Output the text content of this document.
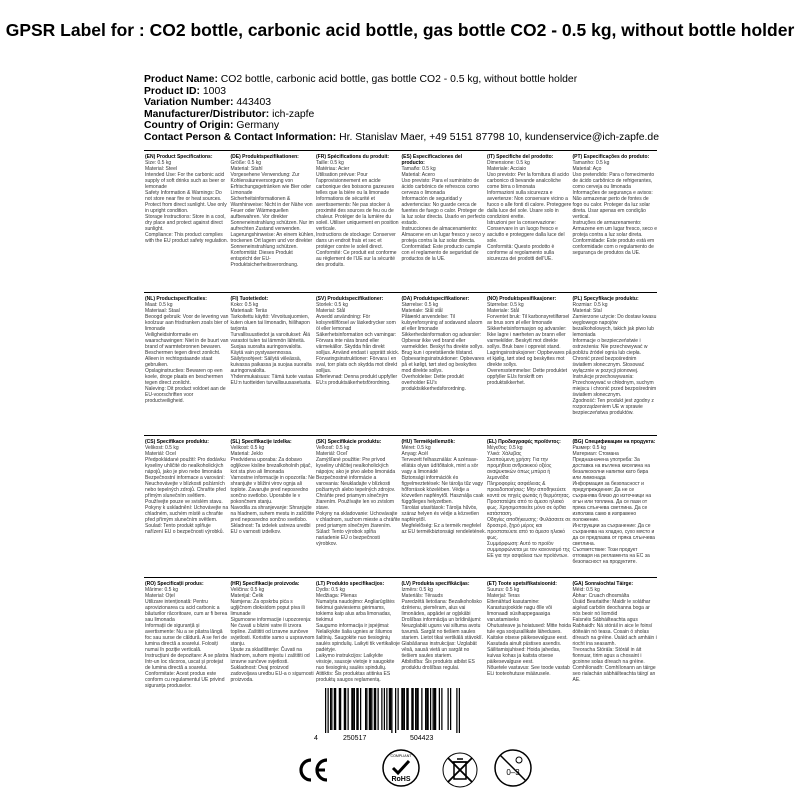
GPSR Label for : CO2 bottle, carbonic acid bottle, gas bottle CO2 - 0.5 kg, without bottle holder
Product Name: CO2 bottle, carbonic acid bottle, gas bottle CO2 - 0.5 kg, without bottle holder
Product ID: 1003
Variation Number: 443403
Manufacturer/Distributor: ich-zapfe
Country of Origin: Germany
Contact Person & Contact Information: Hr. Stanislav Maer, +49 5151 87798 10, kundenservice@ich-zapfe.de
(EN) Product Specifications:
Size: 0.5 kg
Material: Steel
Intended Use: For the carbonic acid supply of soft drinks such as beer or lemonade
Safety Information & Warnings: Do not store near fire or heat sources. Protect from direct sunlight. Use only in upright condition.
Storage Instructions: Store in a cool, dry place and protect against direct sunlight.
Compliance: This product complies with the EU product safety regulation.
(DE) Produktspezifikationen:
Größe: 0.5 kg
Material: Stahl
Vorgesehene Verwendung: Zur Kohlensäureversorgung von Erfrischungsgetränken wie Bier oder Limonade
Sicherheitsinformationen & Warnhinweise: Nicht in der Nähe von Feuer oder Wärmequellen aufbewahren. Vor direkter Sonneneinstrahlung schützen. Nur im aufrechten Zustand verwenden.
Lagerungshinweise: An einem kühlen, trockenen Ort lagern und vor direkter Sonneneinstrahlung schützen.
Konformität: Dieses Produkt entspricht der EU-Produktsicherheitsverordnung.
(FR) Spécifications du produit:
Taille: 0.5 kg
Matériau: Acier
Utilisation prévue: Pour l'approvisionnement en acide carbonique des boissons gazeuses telles que la bière ou la limonade
Informations de sécurité et avertissements: Ne pas stocker à proximité des sources de feu ou de chaleur. Protéger de la lumière du soleil. Utiliser uniquement en position verticale.
Instructions de stockage: Conserver dans un endroit frais et sec et protéger contre le soleil direct.
Conformité: Ce produit est conforme au règlement de l'UE sur la sécurité des produits.
(ES) Especificaciones del producto:
Tamaño: 0.5 kg
Material: Acero
Uso previsto: Para el suministro de ácido carbónico de refrescos como cerveza o limonada
Información de seguridad y advertencias: No guarde cerca de fuentes de fuego o calor. Proteger de la luz solar directa. Usarlo en perfecto estado.
Instrucciones de almacenamiento: Almacene en un lugar fresco y seco y proteja contra la luz solar directa.
Conformidad: Este producto cumple con el reglamento de seguridad de productos de la UE.
(IT) Specifiche del prodotto:
Dimensione: 0.5 kg
Materiale: Acciaio
Uso previsto: Per la fornitura di acido carbonico di bevande analcoliche come birra o limonata
Informazioni sulla sicurezza e avvertenze: Non conservare vicino a fuoco o alle fonti di calore. Proteggere dalla luce del sole. Usare solo in condizioni erette.
Istruzioni per la conservazione: Conservare in un luogo fresco e asciutto e proteggere dalla luce del sole.
Conformità: Questo prodotto è conforme al regolamento sulla sicurezza dei prodotti dell'UE.
(PT) Especificações do produto:
Tamanho: 0.5 kg
Material: Aço
Uso pretendido: Para o fornecimento de ácido carbônico de refrigerantes, como cerveja ou limonada
Informações de segurança e avisos: Não armazenar perto de fontes de fogo ou calor. Proteger da luz solar direta. Usar apenas em condição vertical.
Instruções de armazenamento: Armazene em um lugar fresco, seco e proteja contra a luz solar direta.
Conformidade: Este produto está em conformidade com o regulamento de segurança de produtos da UE.
(NL) Productspecificaties:
Maat: 0.5 kg
Materiaal: Staal
Beoogd gebruik: Voor de levering van koolzuur aan frisdranken zoals bier of limonade
Veiligheidsinformatie en waarschuwingen: Niet in de buurt van brand of warmtebronnen bewaren. Beschermen tegen direct zonlicht. Alleen in rechtopstaande staat gebruiken.
Opslaginstructies: Bewaren op een koele, droge plaats en beschermen tegen direct zonlicht.
Naleving: Dit product voldoet aan de EU-voorschriften voor productveiligheid.
(FI) Tuotetiedot:
Koko: 0.5 kg
Materiaali: Teräs
Tarkoitettu käyttö: Virvoitusjuomien, kuten oluen tai limonadin, hiilihapon tarjonta
Turvallisuustiedot ja varoitukset: Älä varastoi tulen tai lämmön lähteitä. Suojaa suoralta auringonvalolta. Käytä vain pystyasennossa.
Säilytysohjeet: Säilytä viileässä, kuivassa paikassa ja suojaa suoralta auringonvalolta.
Yhdenmukaisuus: Tämä tuote vastaa EU:n tuotteiden turvallisuusasetusta.
(SV) Produktspecifikationer:
Storlek: 0.5 kg
Material: Stål
Avsedd användning: För kolsyretillförsel av läskedrycker som öl eller lemonad
Säkerhetsinformation och varningar: Förvara inte nära brand eller värmekällor. Skydda från direkt solljus. Använd endast i upprätt skick.
Förvaringsinstruktioner: Förvara i en sval, torr plats och skydda mot direkt solljus.
Efterlevnad: Denna produkt uppfyller EU:s produktsäkerhetsförordning.
(DA) Produktspecifikationer:
Størrelse: 0.5 kg
Materiale: Stål stål
Påtænkt anvendelse: Til kulsyreforsyning af sodavand såsom øl eller limonade
Sikkerhedsinformation og advarsler: Opbevar ikke ved brand eller varmekilder. Beskyt fra direkte sollys. Brug kun i opretstående tilstand.
Opbevaringsinstruktioner: Opbevares på et køligt, tørt sted og beskyttes mod direkte sollys.
Overholdelse: Dette produkt overholder EU's produktsikkerhedsforordning.
(NO) Produktspesifikasjoner:
Størrelse: 0.5 kg
Materiale: Stål
Forventet bruk: Til karbonsyretilførsel av brus som øl eller limonade
Sikkerhetsinformasjon og advarsler: Ikke lagre i nærheten av brann eller varmekilder. Beskytt mot direkte sollys. Bruk bare i oppreist stand.
Lagringsinstruksjoner: Oppbevares på et kjølig, tørt sted og beskyttes mot direkte sollys.
Overensstemmelse: Dette produktet oppfyller EUs forskrift om produktsikkerhet.
(PL) Specyfikacje produktu:
Rozmiar: 0.5 kg
Materiał: Stal
Zamierzone użycie: Do dostaw kwasu węglowego napojów bezalkoholowych, takich jak piwo lub lemoniada
Informacje o bezpieczeństwie i ostrzeżenia: Nie przechowywać w pobliżu źródeł ognia lub ciepła. Chronić przed bezpośrednim światłem słonecznym. Stosować wyłącznie w pozycji pionowej.
Instrukcje przechowywania: Przechowywać w chłodnym, suchym miejscu i chronić przed bezpośrednim światłem słonecznym.
Zgodność: Ten produkt jest zgodny z rozporządzeniem UE w sprawie bezpieczeństwa produktów.
(CS) Specifikace produktu:
Velikost: 0.5 kg
Materiál: Ocel
Předpokládané použití: Pro dodávku kyseliny uhličité do nealkoholických nápojů, jako je pivo nebo limonáda
Bezpečnostní informace a varování: Neuchovávejte v blízkosti požárních nebo tepelných zdrojů. Chraňte před přímým slunečním světlem. Používejte pouze ve svislém stavu.
Pokyny k uskladnění: Uchovávejte na chladném, suchém místě a chraňte před přímým slunečním světlem.
Soulad: Tento produkt splňuje nařízení EU o bezpečnosti výrobků.
(SL) Specifikacije izdelka:
Velikost: 0.5 kg
Material: Jeklo
Predvidena uporaba: Za dobavo ogljikove kisline brezalkoholnih pijač, kot sta pivo ali limonada
Varnostne informacije in opozorila: Ne shranjujte v bližini virov ognja ali toplote. Zavarujte pred neposredno sončno svetlobo. Uporabite le v pokončnem stanju.
Navodila za shranjevanje: Shranjujte na hladnem, suhem mestu in zaščitite pred neposredno sončno svetlobo.
Skladnost: Ta izdelek ustreza uredbi EU o varnosti izdelkov.
(SK) Špecifikácie produktu:
Veľkosť: 0.5 kg
Materiál: Oceľ
Zamýšľané použitie: Pre prívod kyseliny uhličitej nealkoholických nápojov, ako je pivo alebo limonáda
Bezpečnostné informácie a varovania: Neukladajte v blízkosti požiarnych alebo tepelných zdrojov. Chráňte pred priamym slnečným žiarením. Používajte len vo zvislom stave.
Pokyny na skladovanie: Uchovávajte v chladnom, suchom mieste a chráňte pred priamym slnečným žiarením.
Súlad: Tento výrobok spĺňa nariadenie EÚ o bezpečnosti výrobkov.
(HU) Termékjellemzők:
Méret: 0.5 kg
Anyag: Acél
Tervezett felhasználás: A szénsav-ellátás olyan üdítőitalok, mint a sör vagy a limonádé
Biztonsági információk és figyelmeztetések: Ne tárolja tűz vagy hőforrások közelében. Védje a közvetlen napfénytől. Használja csak függőleges helyzetben.
Tárolási utasítások: Tárolja hűvös, száraz helyen és védje a közvetlen napfénytől.
Megfelelőség: Ez a termék megfelel az EU termékbiztonsági rendeletének.
(EL) Προδιαγραφές προϊόντος:
Μέγεθος: 0.5 kg
Υλικό: Χάλυβας
Σκοπούμενη χρήση: Για την προμήθεια ανθρακικού οξέος αναψυκτικών όπως μπύρα ή λεμονάδα
Πληροφορίες ασφάλειας & προειδοποιήσεις: Μην αποθηκεύετε κοντά σε πηγές φωτιάς ή θερμότητας. Προστατέψτε από το άμεσο ηλιακό φως. Χρησιμοποιείτε μόνο σε όρθια κατάσταση.
Οδηγίες αποθήκευσης: Φυλάσσετε σε δροσερό, ξηρό μέρος και προστατεύετε από το άμεσο ηλιακό φως.
Συμμόρφωση: Αυτό το προϊόν συμμορφώνεται με τον κανονισμό της ΕΕ για την ασφάλεια των προϊόντων.
(BG) Спецификации на продукта:
Размер: 0.5 kg
Материал: Стомана
Предназначена употреба: За доставка на въглена киселина на безалкохолни напитки като бира или лимонада
Информация за безопасност и предупреждения: Да не се съхранява близо до източници на огън или топлина. Да се пази от пряка слънчева светлина. Да се използва само в изправено положение.
Инструкции за съхранение: Да се съхранява на хладно, сухо място и да се предпазва от пряка слънчева светлина.
Съответствие: Този продукт отговаря на регламента на ЕС за безопасност на продуктите.
(RO) Specificații produs:
Mărime: 0.5 kg
Material: Oțel
Utilizare intenționată: Pentru aprovizionarea cu acid carbonic a băuturilor răcoritoare, cum ar fi berea sau limonada
Informații de siguranță și avertismente: Nu a se păstra lângă foc sau surse de căldură. A se feri de lumina directă a soarelui. Folosiți numai în poziție verticală.
Instrucțiuni de depozitare: A se păstra într-un loc răcoros, uscat și protejat de lumina directă a soarelui.
Conformitate: Acest produs este conform cu regulamentul UE privind siguranța produselor.
(HR) Specifikacije proizvoda:
Veličina: 0.5 kg
Materijal: Čelik
Namjena: Za opskrbu pića s ugljičnom dioksidom poput piva ili limunade
Sigurnosne informacije i upozorenja: Ne čuvati u blizini vatre ili izvora topline. Zaštititi od izravne sunčeve svjetlosti. Koristite samo u uspravnom stanju.
Upute za skladištenje: Čuvati na hladnom, suhom mjestu i zaštititi od izravne sunčeve svjetlosti.
Sukladnost: Ovaj proizvod zadovoljava uredbu EU-a o sigurnosti proizvoda.
(LT) Produkto specifikacijos:
Dydis: 0.5 kg
Medžiaga: Plienas
Numatyta naudojimo: Angliarūgštės tiekimui gaiviesiems gėrimams, tokiems kaip alus arba limonadas, tiekimui
Saugumo informacija ir įspėjimai: Nelaikykite šalia ugnies ar šilumos šaltinių. Saugokite nuo tiesioginių saulės spindulių. Laikyti tik vertikalioje padėtyje.
Laikymo instrukcijos: Laikykite vėsioje, sausoje vietoje ir saugokite nuo tiesioginių saulės spindulių.
Atitiktis: Šis produktas atitinka ES produktų saugos reglamentą.
(LV) Produkta specifikācijas:
Izmērs: 0.5 kg
Materiāls: Tērauds
Paredzētā lietošana: Bezalkoholisko dzērienu, piemēram, alus vai limonādes, apgādei ar ogļskābi
Drošības informācija un brīdinājumi: Neuzglabāt uguns vai siltuma avotu tuvumā. Sargāt no tiešiem saules stariem. Lietot tikai vertikālā stāvoklī.
Glabāšanas instrukcijas: Uzglabāt vēsā, sausā vietā un sargāt no tiešiem saules stariem.
Atbilstība: Šis produkts atbilst ES produktu drošības regulai.
(ET) Toote spetsifikatsioonid:
Suurus: 0.5 kg
Materjal: Teras
Ettenähtud kasutamine: Karastusjookide nagu õlle või limonaadi süsihappegaasiga varustamiseks
Ohutusteave ja hoiatused: Mitte hoida tule ega soojusallikate läheduses. Kaitske otsese päikesevalguse eest. Kasutada ainult püstises asendis.
Säilitamisjuhised: Hoida jahedas, kuivas kohas ja kaitsta otsese päikesevalguse eest.
Nõuetele vastavus: See toode vastab ELi tooteohutuse määrusele.
(GA) Sonraíochtaí Táirge:
Méid: 0.5 kg
Ábhar: Cruach dhosmálta
Úsáid Beartaithe: Maidir le soláthar aigéad carbóin deochanna boga ar nós beoir nó liomóid
Faisnéis Sábháilteachta agus Rabhaidh: Ná stóráil in aice le foinsí dóiteáin nó teasa. Cosain ó sholas díreach na gréine. Úsáid ach amháin i riocht ina seasamh.
Treoracha Stórála: Stóráil in áit fionnuar, tirim agus a chosaint i gcoinne solas díreach na gréine.
Comhlíonadh: Comhlíonann an táirge seo rialachán sábháilteachta táirgí an AE.
4	250517	504423
RoHS
COMPLIANT
0–3
